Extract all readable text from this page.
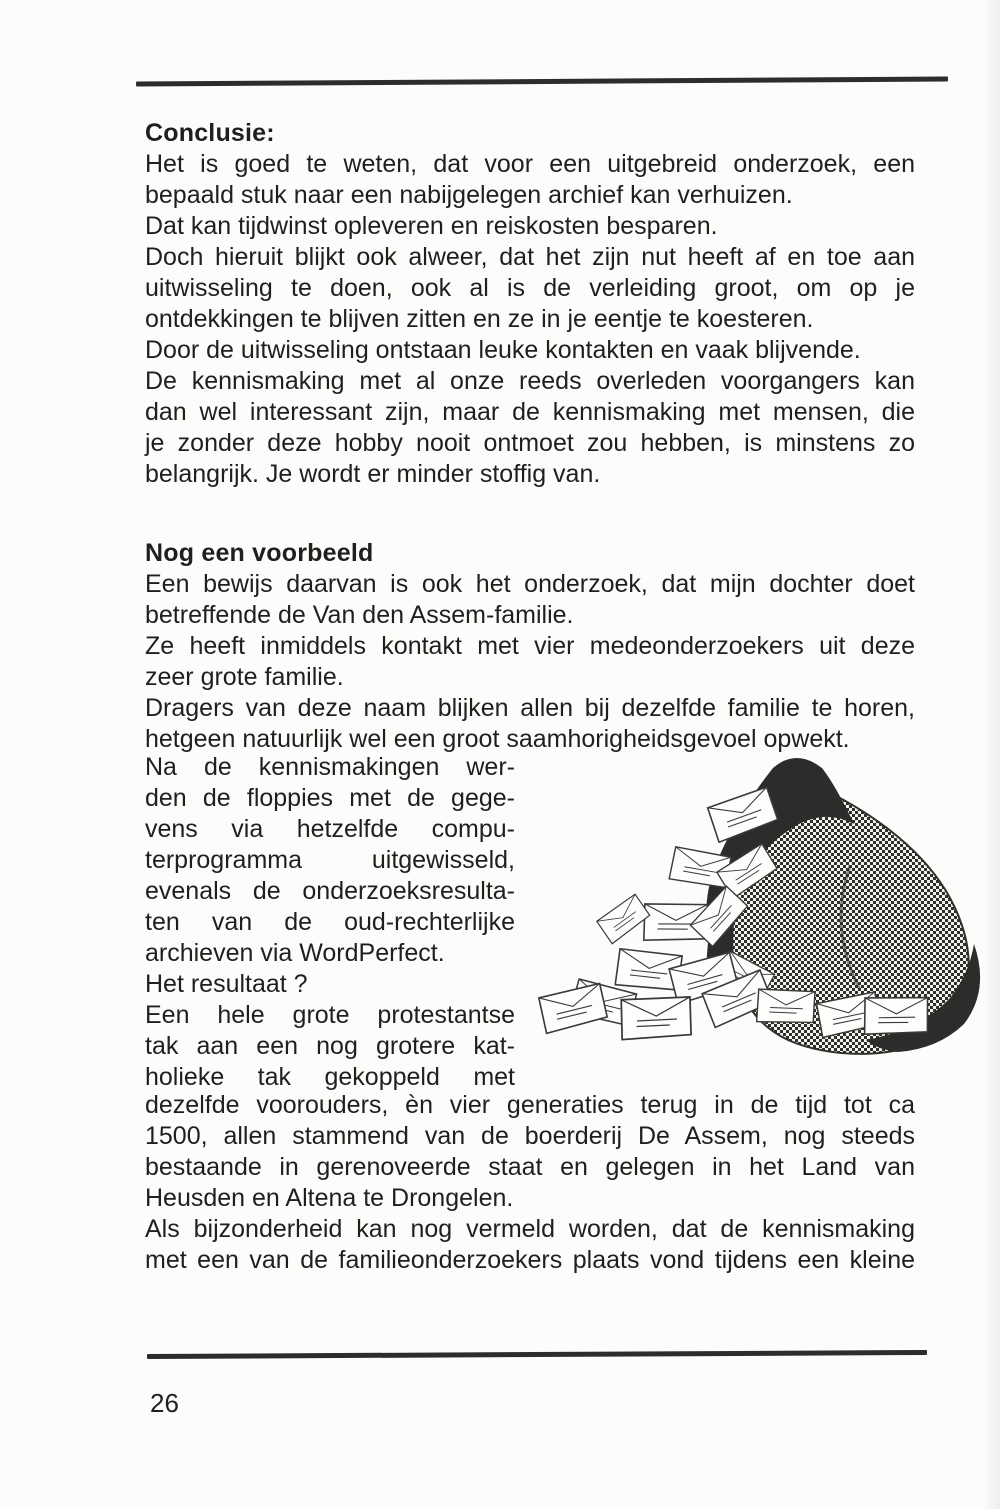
Conclusie:
Het is goed te weten, dat voor een uitgebreid onderzoek, een
bepaald stuk naar een nabijgelegen archief kan verhuizen.
Dat kan tijdwinst opleveren en reiskosten besparen.
Doch hieruit blijkt ook alweer, dat het zijn nut heeft af en toe aan
uitwisseling te doen, ook al is de verleiding groot, om op je
ontdekkingen te blijven zitten en ze in je eentje te koesteren.
Door de uitwisseling ontstaan leuke kontakten en vaak blijvende.
De kennismaking met al onze reeds overleden voorgangers kan
dan wel interessant zijn, maar de kennismaking met mensen, die
je zonder deze hobby nooit ontmoet zou hebben, is minstens zo
belangrijk. Je wordt er minder stoffig van.
Nog een voorbeeld
Een bewijs daarvan is ook het onderzoek, dat mijn dochter doet
betreffende de Van den Assem-familie.
Ze heeft inmiddels kontakt met vier medeonderzoekers uit deze
zeer grote familie.
Dragers van deze naam blijken allen bij dezelfde familie te horen,
hetgeen natuurlijk wel een groot saamhorigheidsgevoel opwekt.
Na de kennismakingen wer-
den de floppies met de gege-
vens via hetzelfde compu-
terprogramma uitgewisseld,
evenals de onderzoeksresulta-
ten van de oud-rechterlijke
archieven via WordPerfect.
Het resultaat ?
Een hele grote protestantse
tak aan een nog grotere kat-
holieke tak gekoppeld met
dezelfde voorouders, èn vier generaties terug in de tijd tot ca
1500, allen stammend van de boerderij De Assem, nog steeds
bestaande in gerenoveerde staat en gelegen in het Land van
Heusden en Altena te Drongelen.
Als bijzonderheid kan nog vermeld worden, dat de kennismaking
met een van de familieonderzoekers plaats vond tijdens een kleine
26
